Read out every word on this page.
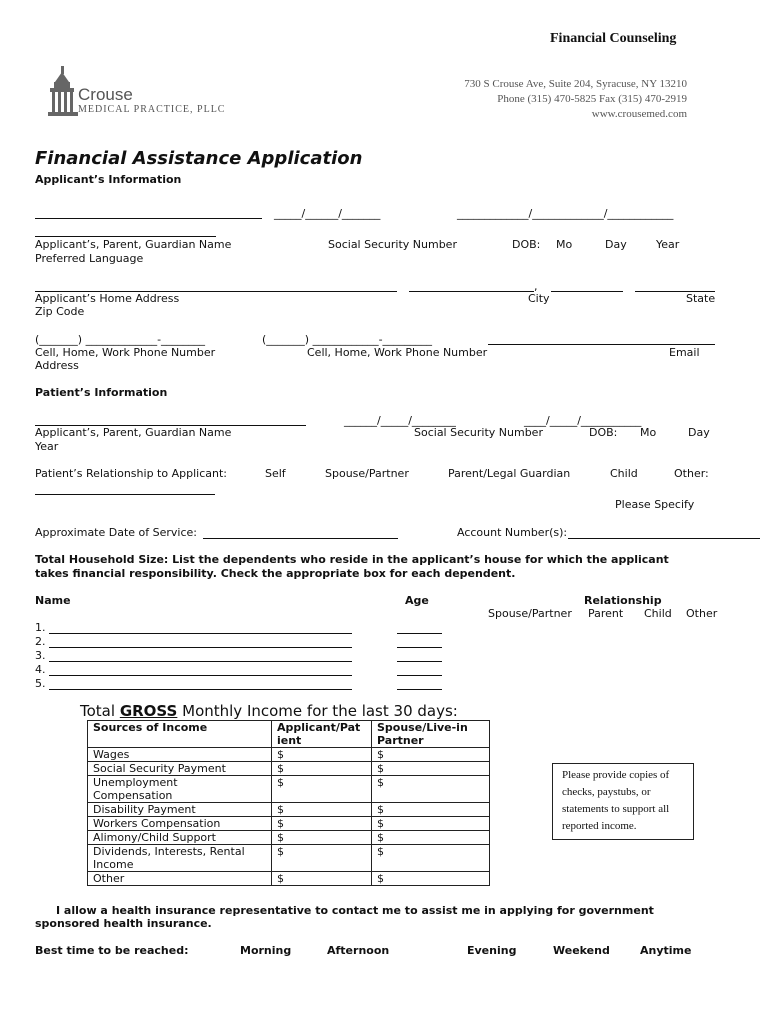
Financial Counseling
Crouse
MEDICAL PRACTICE, PLLC
730 S Crouse Ave, Suite 204, Syracuse, NY 13210
Phone (315) 470-5825 Fax (315) 470-2919
www.crousemed.com
Financial Assistance Application
Applicant’s Information
_____/______/_______	_____________/_____________/____________
Applicant’s, Parent, Guardian Name	Social Security Number	DOB: Mo	Day	Year
Preferred Language
,
Applicant’s Home Address	City	State
Zip Code
(_______) _____________-________	(_______) ____________-_________
Cell, Home, Work Phone Number	Cell, Home, Work Phone Number	Email
Address
Patient’s Information
______/_____/________	____/_____/___________
Applicant’s, Parent, Guardian Name	Social Security Number	DOB: Mo	Day
Year
Patient’s Relationship to Applicant:	Self	Spouse/Partner	Parent/Legal Guardian	Child	Other:
Please Specify
Approximate Date of Service:	Account Number(s):
Total Household Size: List the dependents who reside in the applicant’s house for which the applicant
takes financial responsibility. Check the appropriate box for each dependent.
Name	Age	Relationship
Spouse/Partner Parent Child Other
1.
2.
3.
4.
5.
Total GROSS Monthly Income for the last 30 days:
Sources of Income	Applicant/Pat
ient	Spouse/Live-in
Partner
Wages	$	$
Social Security Payment	$	$
Unemployment
Compensation	$	$
Disability Payment	$	$
Workers Compensation	$	$
Alimony/Child Support	$	$
Dividends, Interests, Rental
Income	$	$
Other	$	$
Please provide copies of checks, paystubs, or statements to support all reported income.
I allow a health insurance representative to contact me to assist me in applying for government
sponsored health insurance.
Best time to be reached:	Morning	Afternoon	Evening	Weekend	Anytime
